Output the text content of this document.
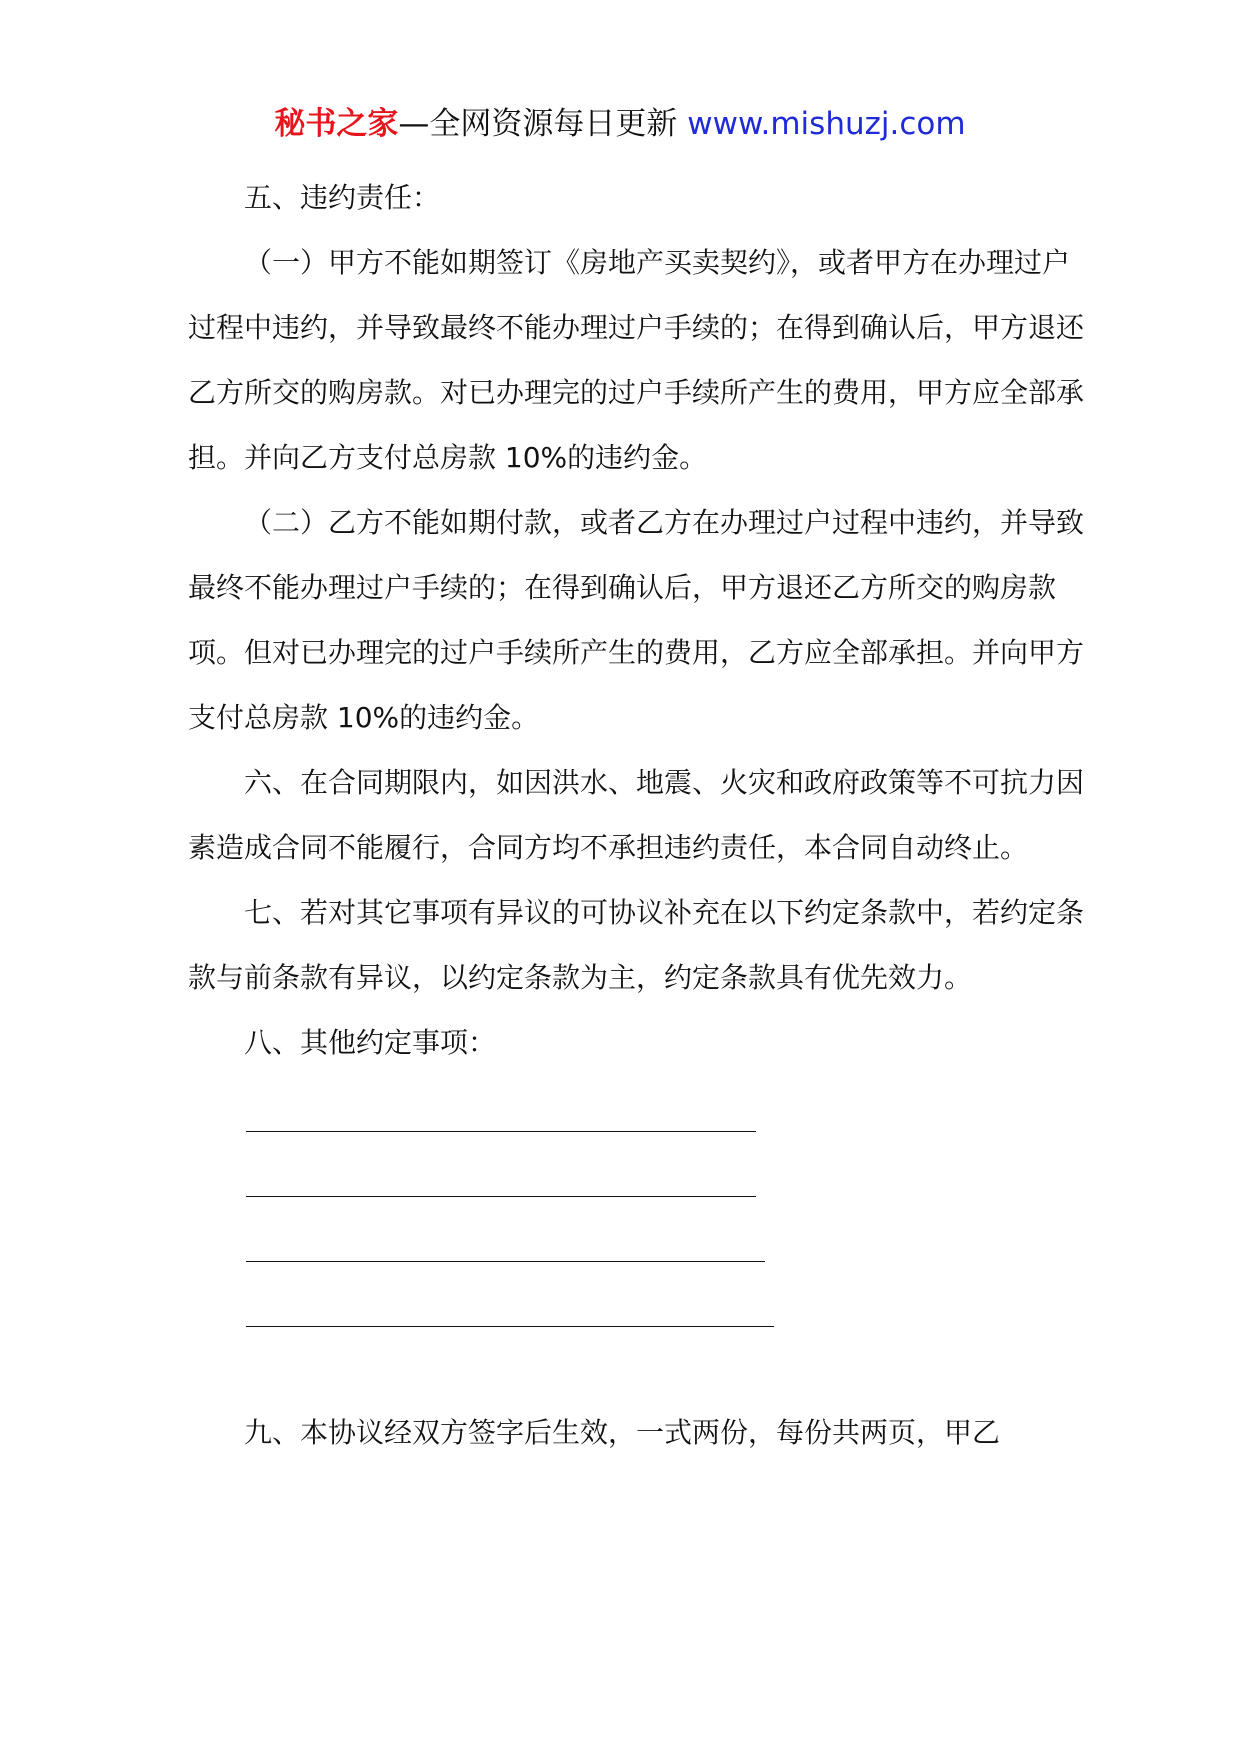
秘书之家—全网资源每日更新 www.mishuzj.com

五、违约责任：

（一）甲方不能如期签订《房地产买卖契约》，或者甲方在办理过户过程中违约，并导致最终不能办理过户手续的；在得到确认后，甲方退还乙方所交的购房款。对已办理完的过户手续所产生的费用，甲方应全部承担。并向乙方支付总房款 10%的违约金。

（二）乙方不能如期付款，或者乙方在办理过户过程中违约，并导致最终不能办理过户手续的；在得到确认后，甲方退还乙方所交的购房款项。但对已办理完的过户手续所产生的费用，乙方应全部承担。并向甲方支付总房款 10%的违约金。

六、在合同期限内，如因洪水、地震、火灾和政府政策等不可抗力因素造成合同不能履行，合同方均不承担违约责任，本合同自动终止。

七、若对其它事项有异议的可协议补充在以下约定条款中，若约定条款与前条款有异议，以约定条款为主，约定条款具有优先效力。

八、其他约定事项：

九、本协议经双方签字后生效，一式两份，每份共两页，甲乙
